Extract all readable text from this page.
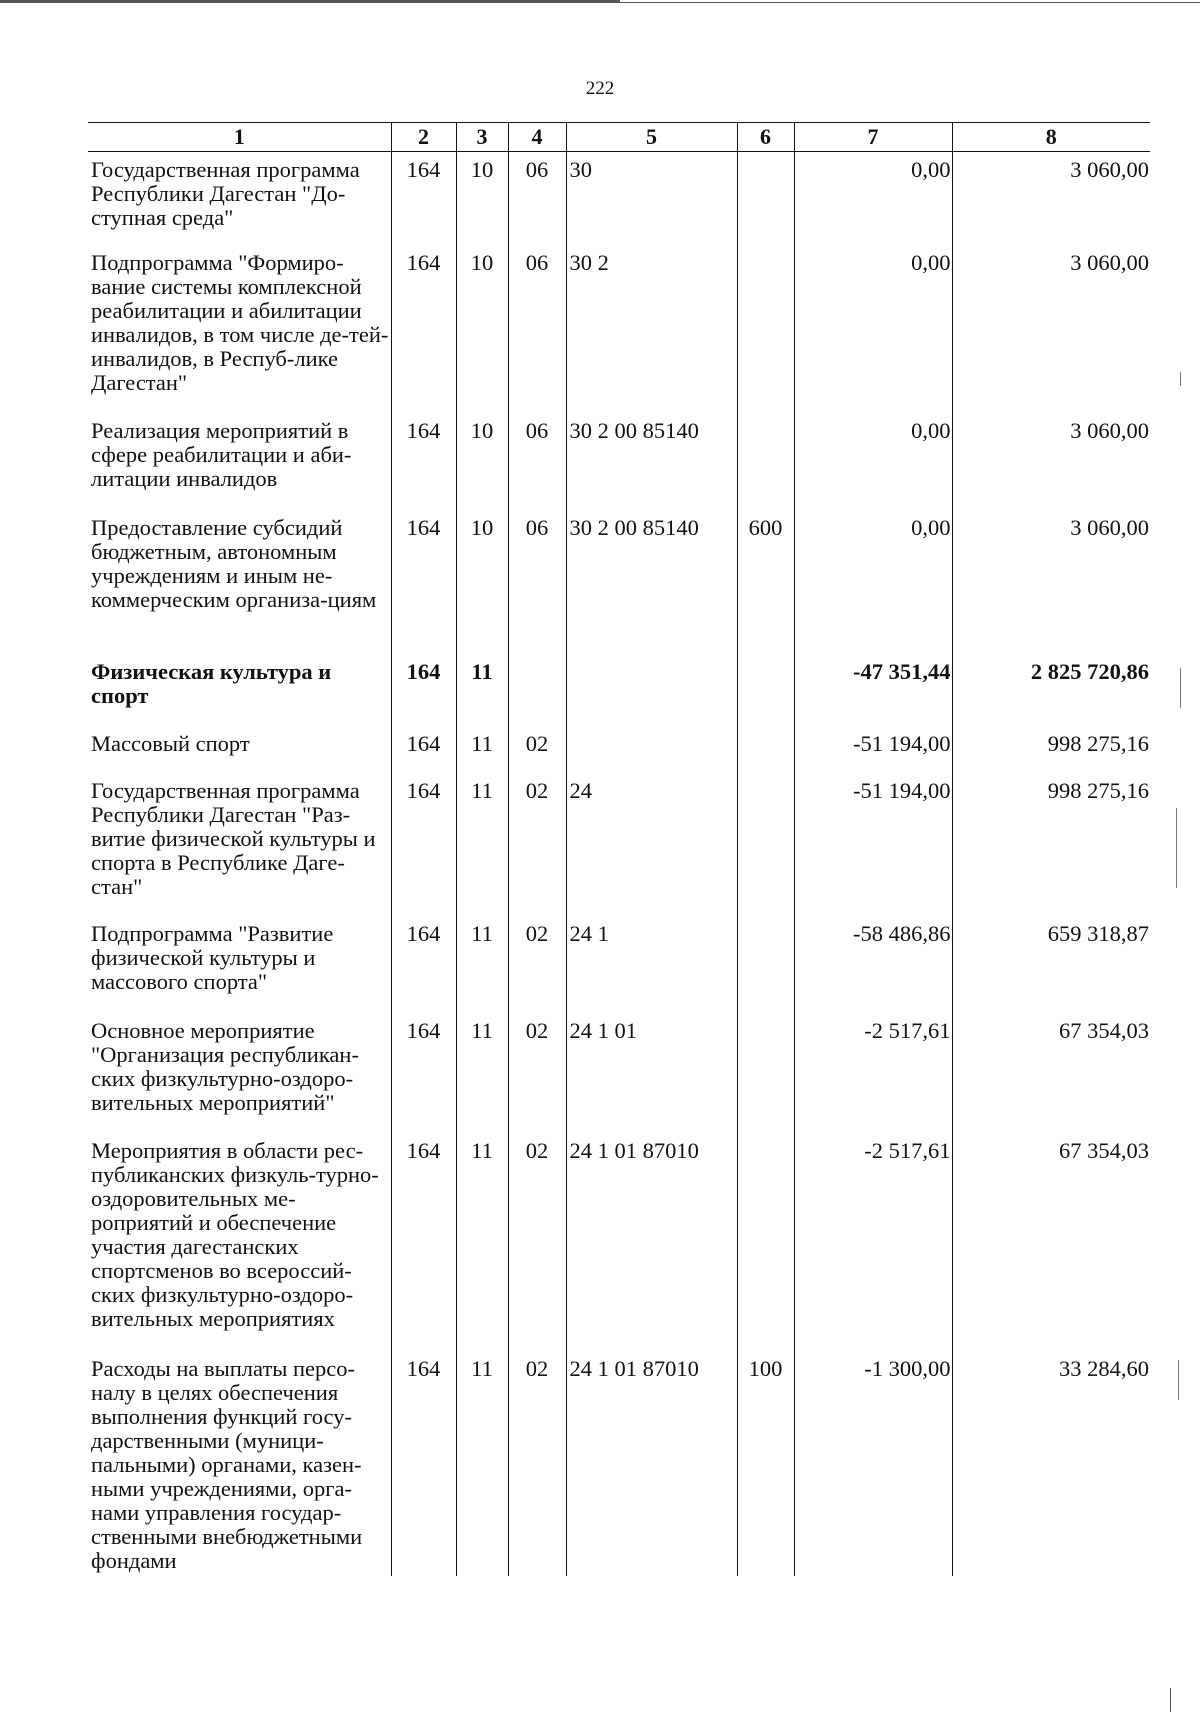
222
1	2	3	4	5	6	7	8
Государственная программа Республики Дагестан "До-ступная среда"	164	10	06	30		0,00	3 060,00
Подпрограмма "Формиро-вание системы комплексной реабилитации и абилитации инвалидов, в том числе де-тей-инвалидов, в Респуб-лике Дагестан"	164	10	06	30 2		0,00	3 060,00
Реализация мероприятий в сфере реабилитации и аби-литации инвалидов	164	10	06	30 2 00 85140		0,00	3 060,00
Предоставление субсидий бюджетным, автономным учреждениям и иным не-коммерческим организа-циям	164	10	06	30 2 00 85140	600	0,00	3 060,00
Физическая культура и спорт	164	11				-47 351,44	2 825 720,86
Массовый спорт	164	11	02			-51 194,00	998 275,16
Государственная программа Республики Дагестан "Раз-витие физической культуры и спорта в Республике Даге-стан"	164	11	02	24		-51 194,00	998 275,16
Подпрограмма "Развитие физической культуры и массового спорта"	164	11	02	24 1		-58 486,86	659 318,87
Основное мероприятие "Организация республикан-ских физкультурно-оздоро-вительных мероприятий"	164	11	02	24 1 01		-2 517,61	67 354,03
Мероприятия в области рес-публиканских физкуль-турно-оздоровительных ме-роприятий и обеспечение участия дагестанских спортсменов во всероссий-ских физкультурно-оздоро-вительных мероприятиях	164	11	02	24 1 01 87010		-2 517,61	67 354,03
Расходы на выплаты персо-налу в целях обеспечения выполнения функций госу-дарственными (муници-пальными) органами, казен-ными учреждениями, орга-нами управления государ-ственными внебюджетными фондами	164	11	02	24 1 01 87010	100	-1 300,00	33 284,60
